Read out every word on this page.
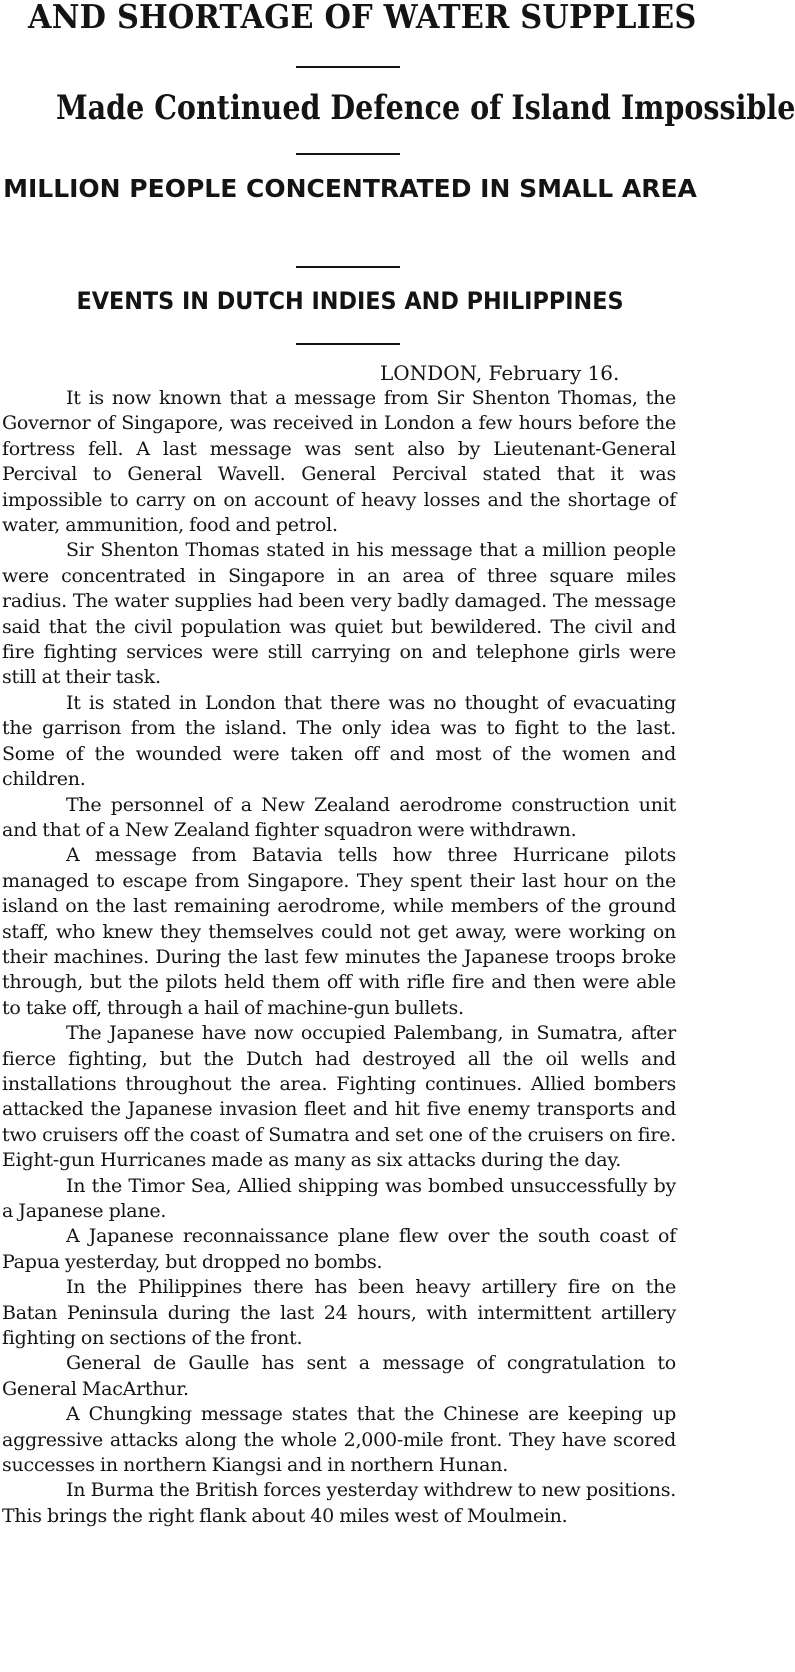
AND SHORTAGE OF WATER SUPPLIES
Made Continued Defence of Island Impossible
MILLION PEOPLE CONCENTRATED IN SMALL AREA
EVENTS IN DUTCH INDIES AND PHILIPPINES
LONDON, February 16.

It is now known that a message from Sir Shenton Thomas, the Governor of Singapore, was received in London a few hours before the fortress fell. A last message was sent also by Lieutenant-General Percival to General Wavell. General Percival stated that it was impossible to carry on on account of heavy losses and the shortage of water, ammunition, food and petrol.

Sir Shenton Thomas stated in his message that a million people were concentrated in Singapore in an area of three square miles radius. The water supplies had been very badly damaged. The message said that the civil population was quiet but bewildered. The civil and fire fighting services were still carrying on and telephone girls were still at their task.

It is stated in London that there was no thought of evacuating the garrison from the island. The only idea was to fight to the last. Some of the wounded were taken off and most of the women and children.

The personnel of a New Zealand aerodrome construction unit and that of a New Zealand fighter squadron were withdrawn.

A message from Batavia tells how three Hurricane pilots managed to escape from Singapore. They spent their last hour on the island on the last remaining aerodrome, while members of the ground staff, who knew they themselves could not get away, were working on their machines. During the last few minutes the Japanese troops broke through, but the pilots held them off with rifle fire and then were able to take off, through a hail of machine-gun bullets.

The Japanese have now occupied Palembang, in Sumatra, after fierce fighting, but the Dutch had destroyed all the oil wells and installations throughout the area. Fighting continues. Allied bombers attacked the Japanese invasion fleet and hit five enemy transports and two cruisers off the coast of Sumatra and set one of the cruisers on fire. Eight-gun Hurricanes made as many as six attacks during the day.

In the Timor Sea, Allied shipping was bombed unsuccessfully by a Japanese plane.

A Japanese reconnaissance plane flew over the south coast of Papua yesterday, but dropped no bombs.

In the Philippines there has been heavy artillery fire on the Batan Peninsula during the last 24 hours, with intermittent artillery fighting on sections of the front.

General de Gaulle has sent a message of congratulation to General MacArthur.

A Chungking message states that the Chinese are keeping up aggressive attacks along the whole 2,000-mile front. They have scored successes in northern Kiangsi and in northern Hunan.

In Burma the British forces yesterday withdrew to new positions. This brings the right flank about 40 miles west of Moulmein.
